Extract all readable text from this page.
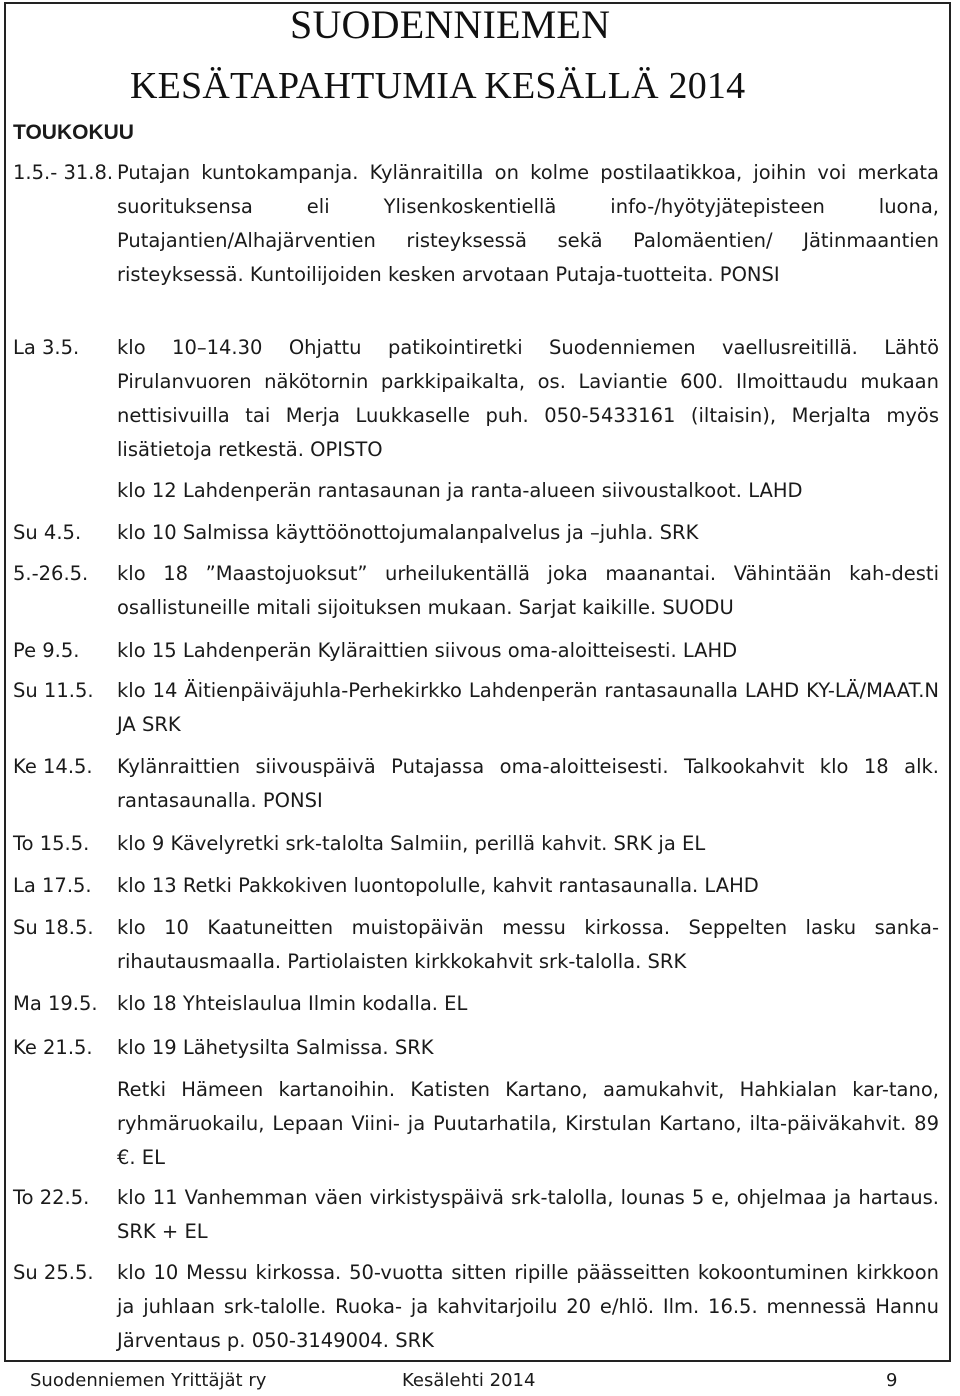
SUODENNIEMEN
KESÄTAPAHTUMIA KESÄLLÄ 2014
TOUKOKUU
1.5.- 31.8. Putajan kuntokampanja. Kylänraitilla on kolme postilaatikkoa, joihin voi merkata suorituksensa eli Ylisenkoskentiellä info-/hyötyjätepisteen luona, Putajantien/Alhajärventien risteyksessä sekä Palomäentien/ Jätinmaantien risteyksessä. Kuntoilijoiden kesken arvotaan Putaja-tuotteita. PONSI
La 3.5. klo 10–14.30 Ohjattu patikointiretki Suodenniemen vaellusreitillä. Lähtö Pirulanvuoren näkötornin parkkipaikalta, os. Laviantie 600. Ilmoittaudu mukaan nettisivuilla tai Merja Luukkaselle puh. 050-5433161 (iltaisin), Merjalta myös lisätietoja retkestä. OPISTO
klo 12 Lahdenperän rantasaunan ja ranta-alueen siivoustalkoot. LAHD
Su 4.5. klo 10 Salmissa käyttöönottojumalanpalvelus ja –juhla. SRK
5.-26.5. klo 18 ”Maastojuoksut” urheilukentällä joka maanantai. Vähintään kah-desti osallistuneille mitali sijoituksen mukaan. Sarjat kaikille. SUODU
Pe 9.5. klo 15 Lahdenperän Kyläraittien siivous oma-aloitteisesti. LAHD
Su 11.5. klo 14 Äitienpäiväjuhla-Perhekirkko Lahdenperän rantasaunalla LAHD KY-LÄ/MAAT.N JA SRK
Ke 14.5. Kylänraittien siivouspäivä Putajassa oma-aloitteisesti. Talkookahvit klo 18 alk. rantasaunalla. PONSI
To 15.5. klo 9 Kävelyretki srk-talolta Salmiin, perillä kahvit. SRK ja EL
La 17.5. klo 13 Retki Pakkokiven luontopolulle, kahvit rantasaunalla. LAHD
Su 18.5. klo 10 Kaatuneitten muistopäivän messu kirkossa. Seppelten lasku sanka-rihautausmaalla. Partiolaisten kirkkokahvit srk-talolla. SRK
Ma 19.5. klo 18 Yhteislaulua Ilmin kodalla. EL
Ke 21.5. klo 19 Lähetysilta Salmissa. SRK
Retki Hämeen kartanoihin. Katisten Kartano, aamukahvit, Hahkialan kar-tano, ryhmäruokailu, Lepaan Viini- ja Puutarhatila, Kirstulan Kartano, ilta-päiväkahvit. 89 €. EL
To 22.5. klo 11 Vanhemman väen virkistyspäivä srk-talolla, lounas 5 e, ohjelmaa ja hartaus. SRK + EL
Su 25.5. klo 10 Messu kirkossa. 50-vuotta sitten ripille päässeitten kokoontuminen kirkkoon ja juhlaan srk-talolle. Ruoka- ja kahvitarjoilu 20 e/hlö. Ilm. 16.5. mennessä Hannu Järventaus p. 050-3149004. SRK
Suodenniemen Yrittäjät ry	Kesälehti 2014	9
